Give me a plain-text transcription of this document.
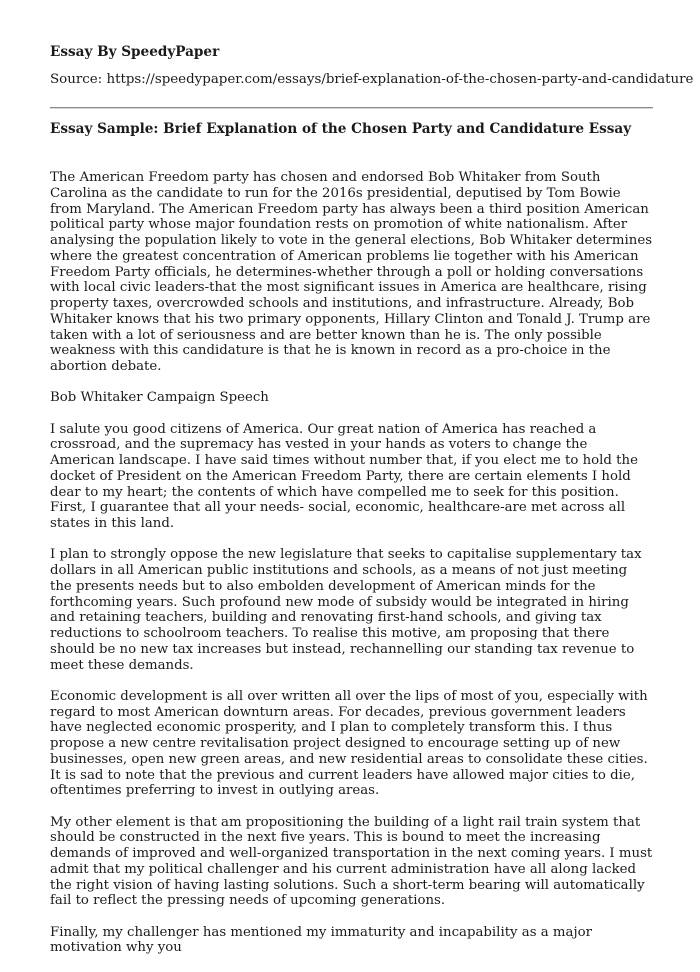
Essay By SpeedyPaper
Source: https://speedypaper.com/essays/brief-explanation-of-the-chosen-party-and-candidature
Essay Sample: Brief Explanation of the Chosen Party and Candidature Essay

The American Freedom party has chosen and endorsed Bob Whitaker from South Carolina as the candidate to run for the 2016s presidential, deputised by Tom Bowie from Maryland. The American Freedom party has always been a third position American political party whose major foundation rests on promotion of white nationalism. After analysing the population likely to vote in the general elections, Bob Whitaker determines where the greatest concentration of American problems lie together with his American Freedom Party officials, he determines-whether through a poll or holding conversations with local civic leaders-that the most significant issues in America are healthcare, rising property taxes, overcrowded schools and institutions, and infrastructure. Already, Bob Whitaker knows that his two primary opponents, Hillary Clinton and Tonald J. Trump are taken with a lot of seriousness and are better known than he is. The only possible weakness with this candidature is that he is known in record as a pro-choice in the abortion debate.

Bob Whitaker Campaign Speech

I salute you good citizens of America. Our great nation of America has reached a crossroad, and the supremacy has vested in your hands as voters to change the American landscape. I have said times without number that, if you elect me to hold the docket of President on the American Freedom Party, there are certain elements I hold dear to my heart; the contents of which have compelled me to seek for this position. First, I guarantee that all your needs- social, economic, healthcare-are met across all states in this land.

I plan to strongly oppose the new legislature that seeks to capitalise supplementary tax dollars in all American public institutions and schools, as a means of not just meeting the presents needs but to also embolden development of American minds for the forthcoming years. Such profound new mode of subsidy would be integrated in hiring and retaining teachers, building and renovating first-hand schools, and giving tax reductions to schoolroom teachers. To realise this motive, am proposing that there should be no new tax increases but instead, rechannelling our standing tax revenue to meet these demands.

Economic development is all over written all over the lips of most of you, especially with regard to most American downturn areas. For decades, previous government leaders have neglected economic prosperity, and I plan to completely transform this. I thus propose a new centre revitalisation project designed to encourage setting up of new businesses, open new green areas, and new residential areas to consolidate these cities. It is sad to note that the previous and current leaders have allowed major cities to die, oftentimes preferring to invest in outlying areas.

My other element is that am propositioning the building of a light rail train system that should be constructed in the next five years. This is bound to meet the increasing demands of improved and well-organized transportation in the next coming years. I must admit that my political challenger and his current administration have all along lacked the right vision of having lasting solutions. Such a short-term bearing will automatically fail to reflect the pressing needs of upcoming generations.

Finally, my challenger has mentioned my immaturity and incapability as a major motivation why you
